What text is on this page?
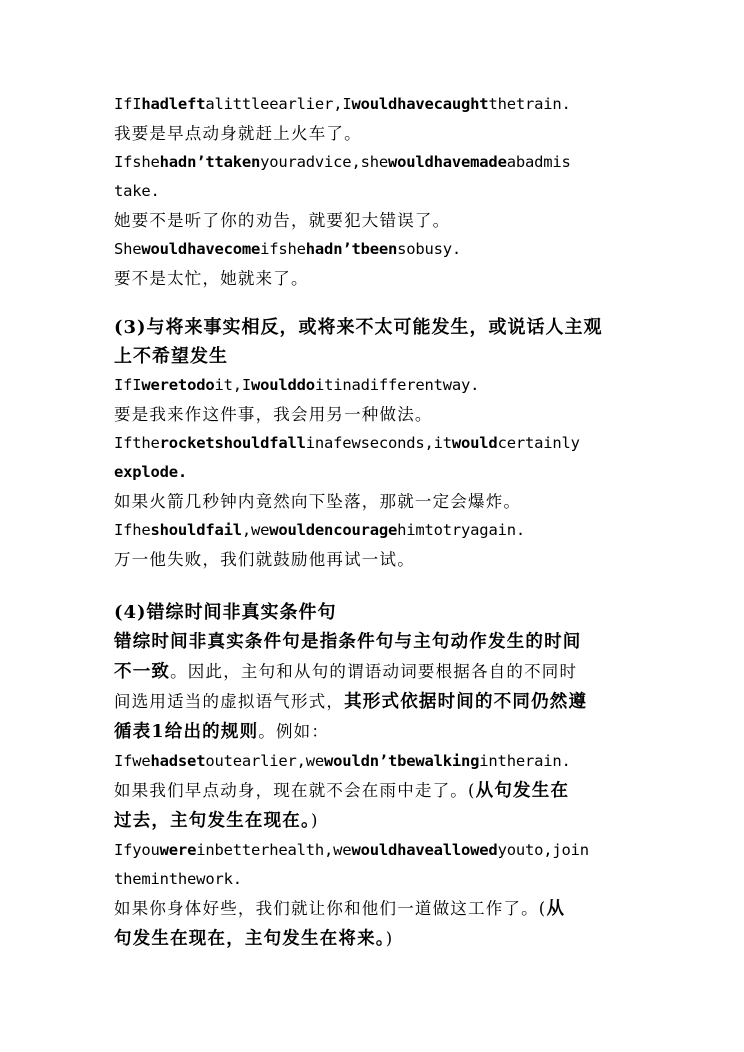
IfIhadleftalittleearlier,Iwouldhavecaughtthetrain.

我要是早点动身就赶上火车了。

Ifshehadn’ttakenyouradvice,shewouldhavemadeabadmis

take.

她要不是听了你的劝告，就要犯大错误了。

Shewouldhavecomeifshehadn’tbeensobusy.

要不是太忙，她就来了。

(3)与将来事实相反，或将来不太可能发生，或说话人主观

上不希望发生

IfIweretodoit,Iwoulddoitinadifferentway.

要是我来作这件事，我会用另一种做法。

Iftherocketshouldfallinafewseconds,itwouldcertainly

explode.

如果火箭几秒钟内竟然向下坠落，那就一定会爆炸。

Ifheshouldfail,wewouldencouragehimtotryagain.

万一他失败，我们就鼓励他再试一试。

(4)错综时间非真实条件句

错综时间非真实条件句是指条件句与主句动作发生的时间

不一致。因此，主句和从句的谓语动词要根据各自的不同时

间选用适当的虚拟语气形式，其形式依据时间的不同仍然遵

循表1给出的规则。例如：

Ifwehadsetoutearlier,wewouldn’tbewalkingintherain.

如果我们早点动身，现在就不会在雨中走了。(从句发生在

过去，主句发生在现在。)

Ifyouwereinbetterhealth,wewouldhaveallowedyouto,join

theminthework.

如果你身体好些，我们就让你和他们一道做这工作了。(从

句发生在现在，主句发生在将来。)
